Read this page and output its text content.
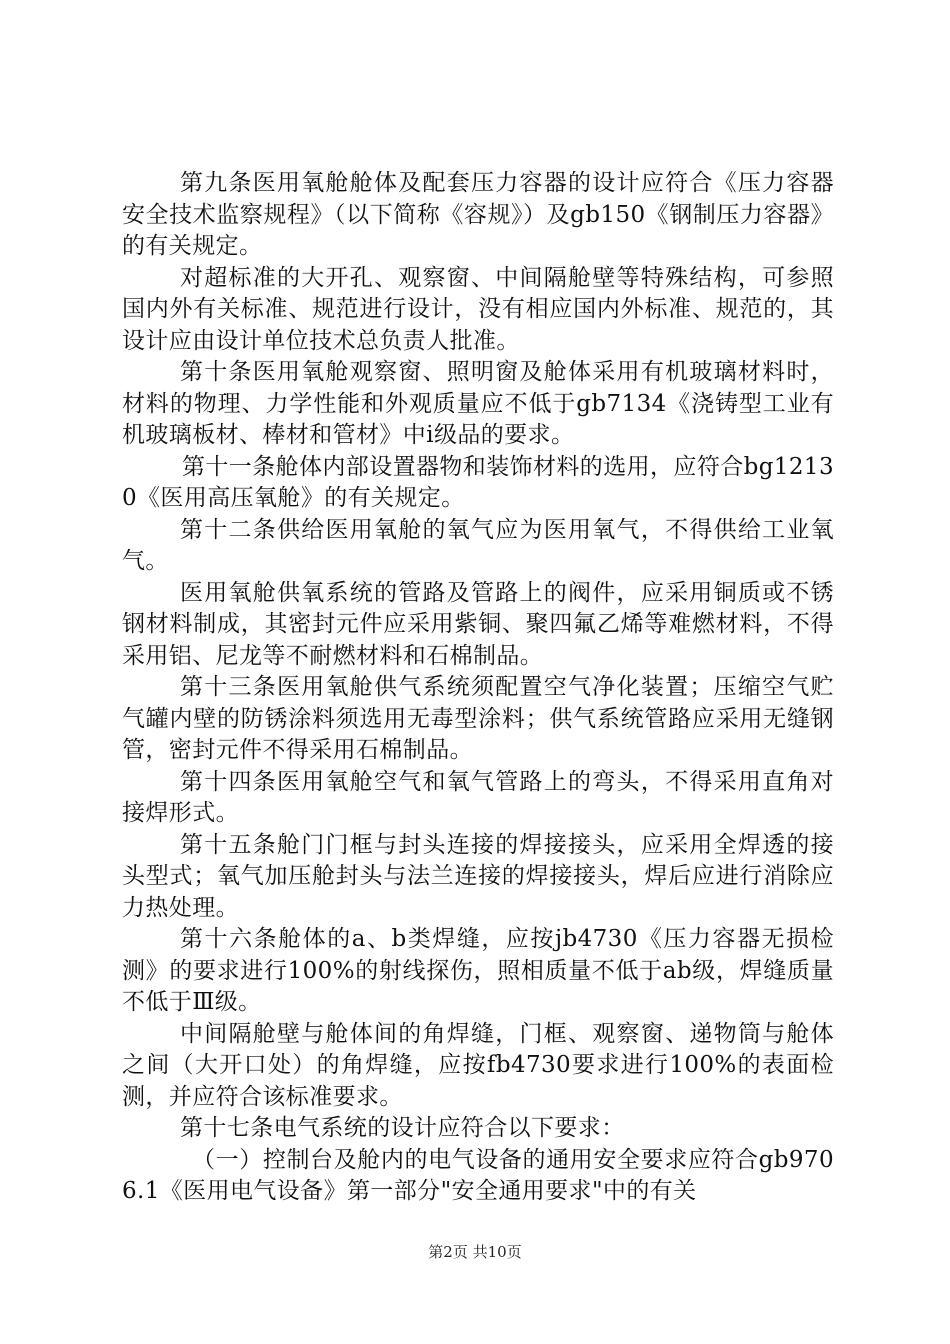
第九条医用氧舱舱体及配套压力容器的设计应符合《压力容器安全技术监察规程》（以下简称《容规》）及gb150《钢制压力容器》的有关规定。

对超标准的大开孔、观察窗、中间隔舱壁等特殊结构，可参照国内外有关标准、规范进行设计，没有相应国内外标准、规范的，其设计应由设计单位技术总负责人批准。

第十条医用氧舱观察窗、照明窗及舱体采用有机玻璃材料时，材料的物理、力学性能和外观质量应不低于gb7134《浇铸型工业有机玻璃板材、棒材和管材》中i级品的要求。

第十一条舱体内部设置器物和装饰材料的选用，应符合bg12130《医用高压氧舱》的有关规定。

第十二条供给医用氧舱的氧气应为医用氧气，不得供给工业氧气。

医用氧舱供氧系统的管路及管路上的阀件，应采用铜质或不锈钢材料制成，其密封元件应采用紫铜、聚四氟乙烯等难燃材料，不得采用铝、尼龙等不耐燃材料和石棉制品。

第十三条医用氧舱供气系统须配置空气净化装置；压缩空气贮气罐内壁的防锈涂料须选用无毒型涂料；供气系统管路应采用无缝钢管，密封元件不得采用石棉制品。

第十四条医用氧舱空气和氧气管路上的弯头，不得采用直角对接焊形式。

第十五条舱门门框与封头连接的焊接接头，应采用全焊透的接头型式；氧气加压舱封头与法兰连接的焊接接头，焊后应进行消除应力热处理。

第十六条舱体的a、b类焊缝，应按jb4730《压力容器无损检测》的要求进行100%的射线探伤，照相质量不低于ab级，焊缝质量不低于Ⅲ级。

中间隔舱壁与舱体间的角焊缝，门框、观察窗、递物筒与舱体之间（大开口处）的角焊缝，应按fb4730要求进行100%的表面检测，并应符合该标准要求。

第十七条电气系统的设计应符合以下要求：

（一）控制台及舱内的电气设备的通用安全要求应符合gb9706.1《医用电气设备》第一部分"安全通用要求"中的有关

第2页 共10页
